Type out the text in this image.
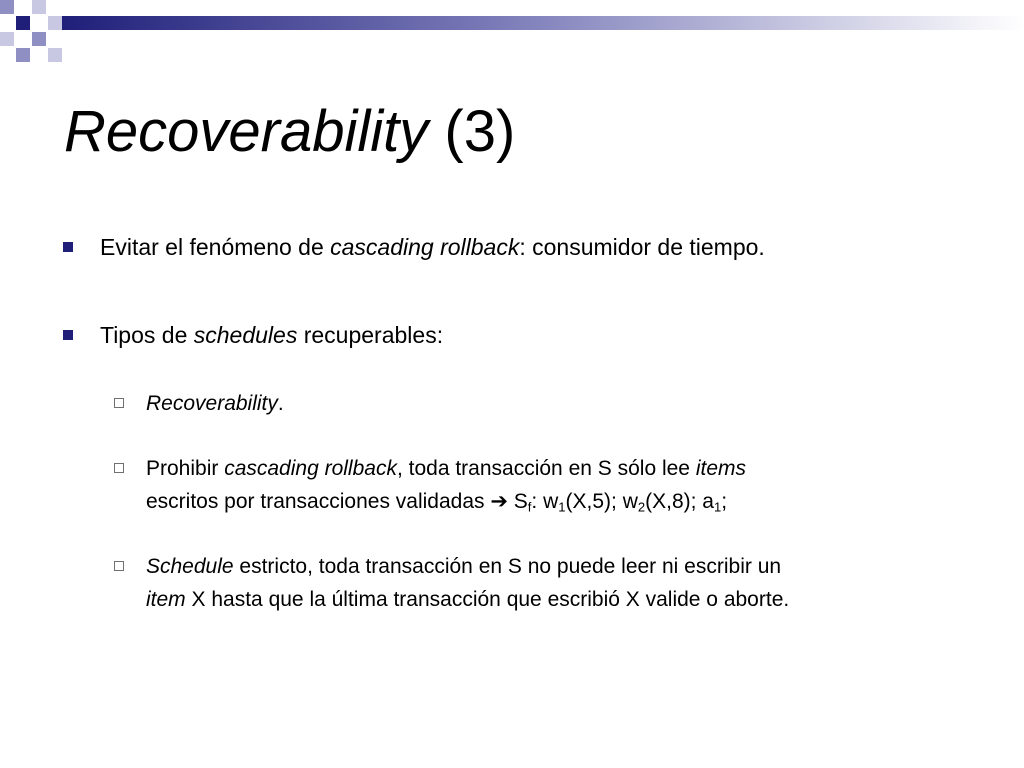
Recoverability (3)
Evitar el fenómeno de cascading rollback: consumidor de tiempo.
Tipos de schedules recuperables:
Recoverability.
Prohibir cascading rollback, toda transacción en S sólo lee items
escritos por transacciones validadas ➔ $S_f$: $w_1(X,5)$; $w_2(X,8)$; $a_1$;
Schedule estricto, toda transacción en S no puede leer ni escribir un
item X hasta que la última transacción que escribió X valide o aborte.
